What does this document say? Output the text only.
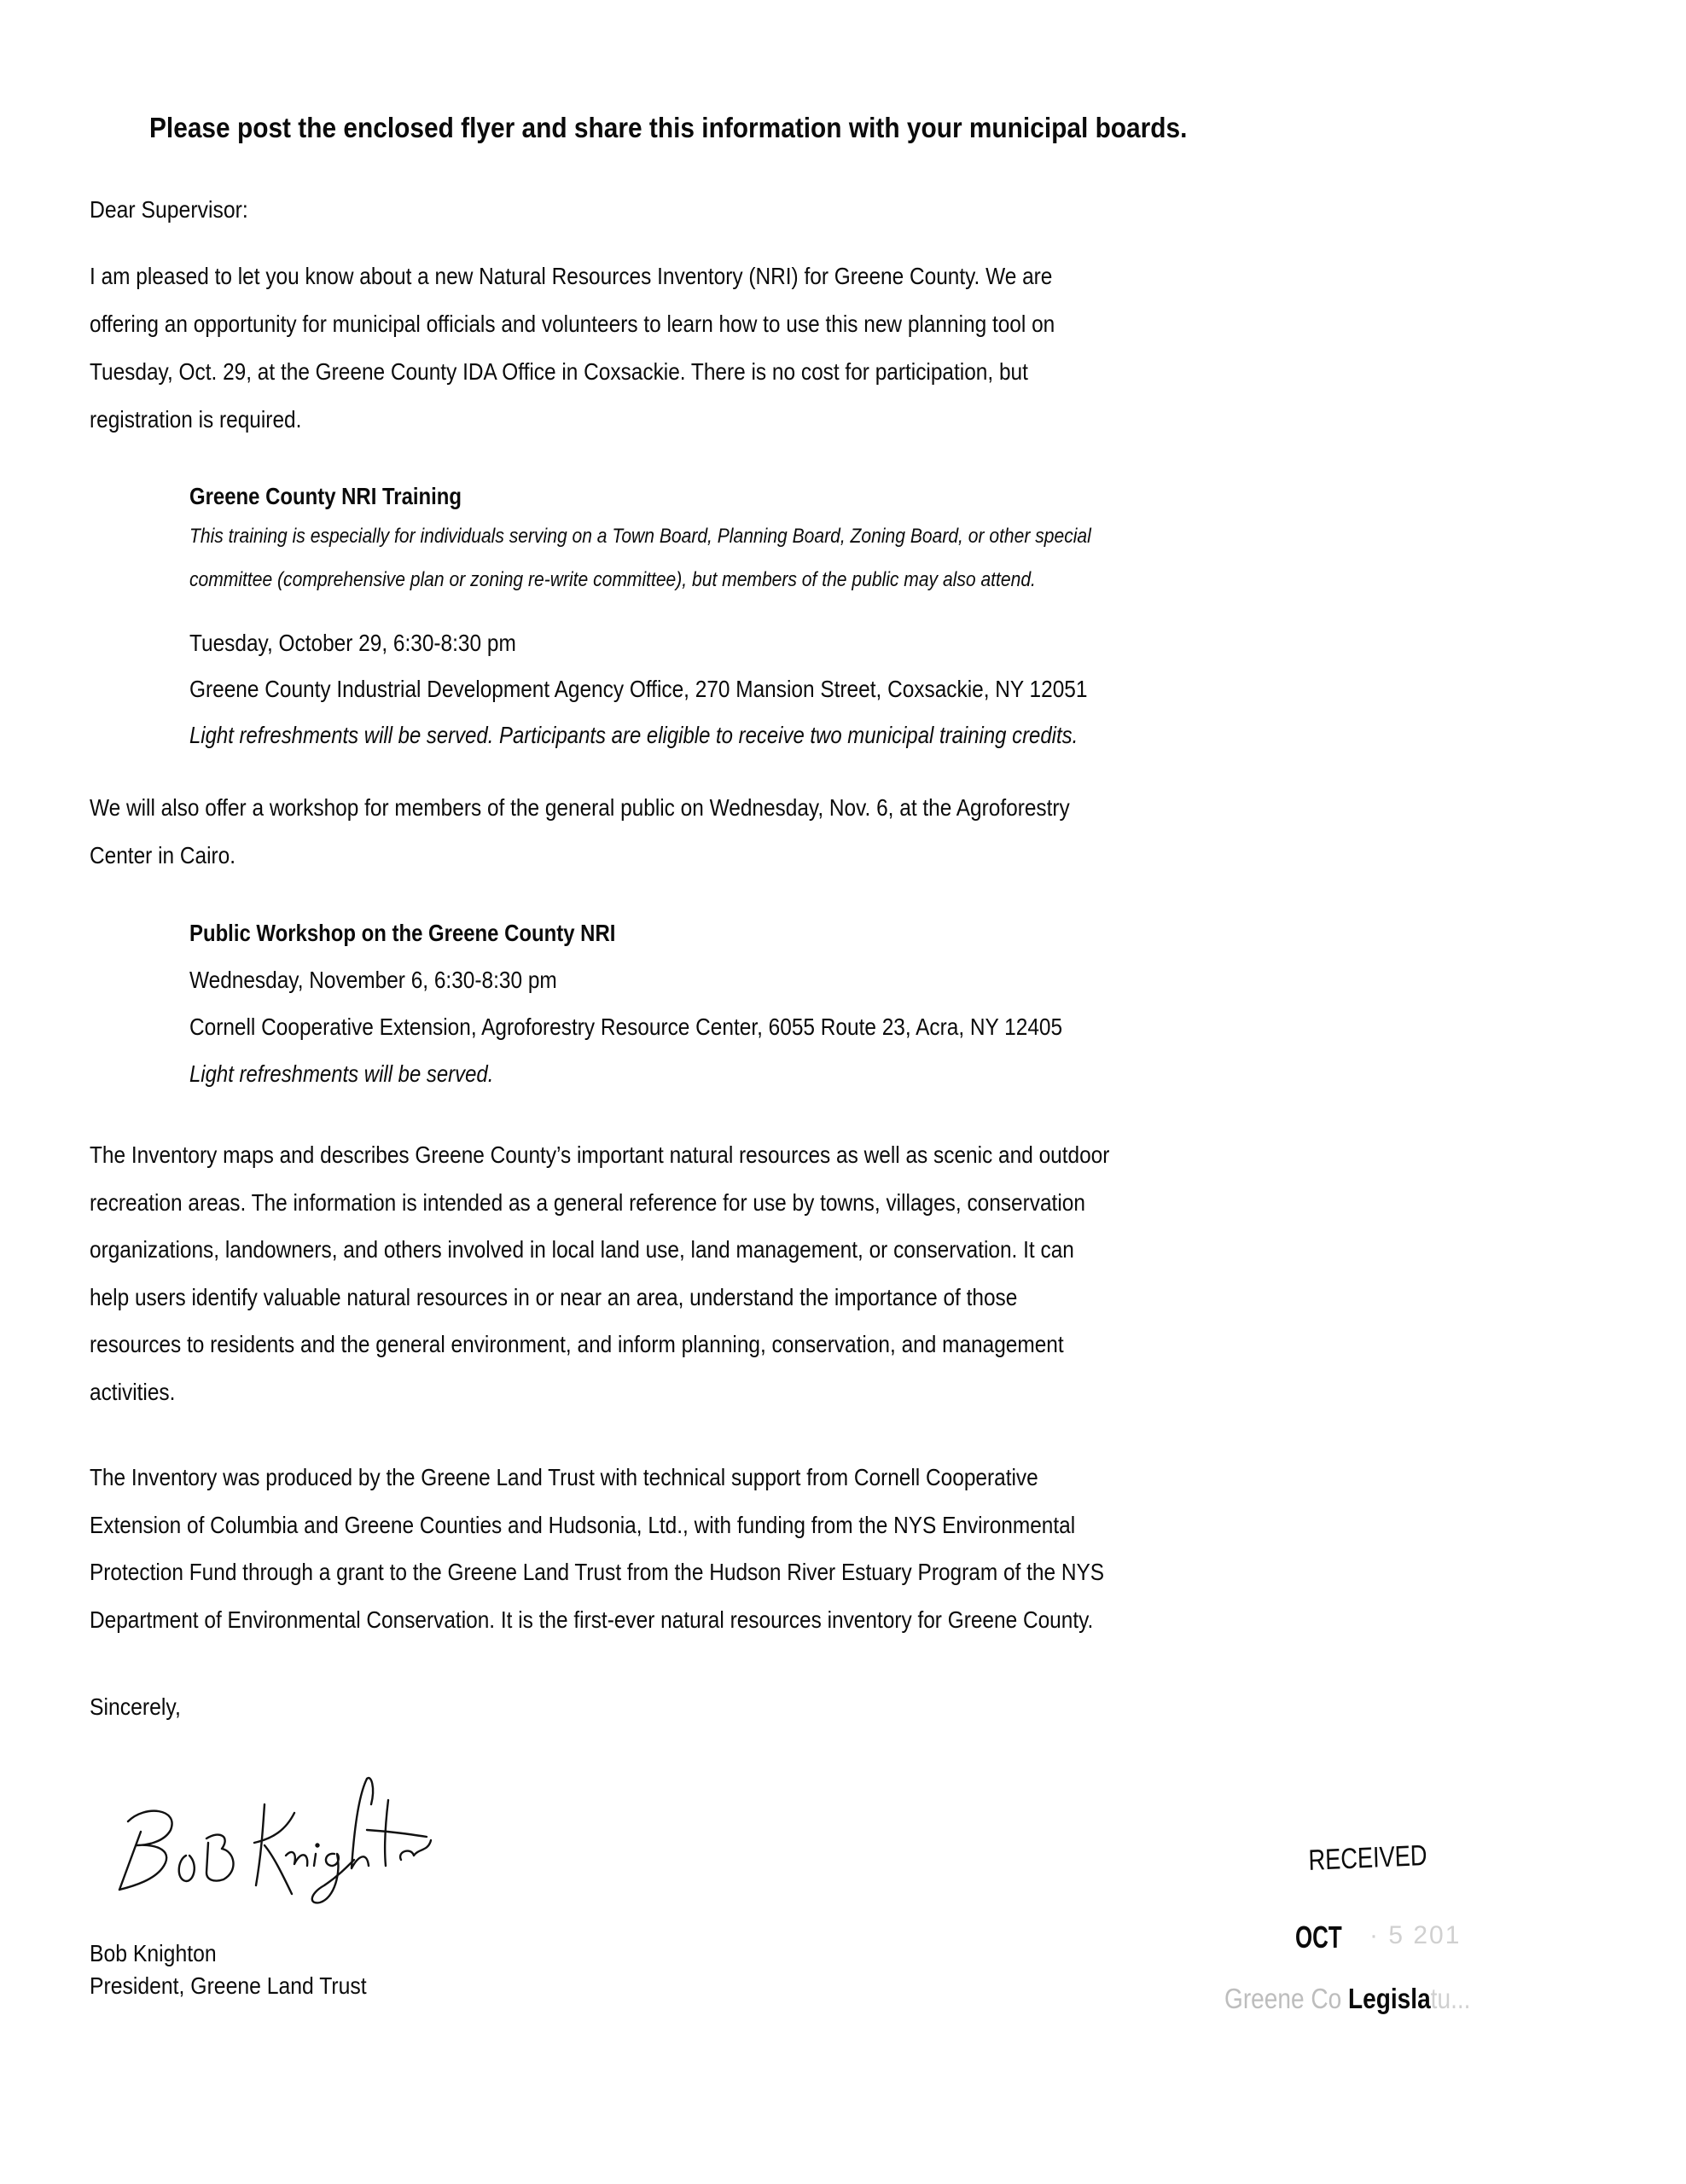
Please post the enclosed flyer and share this information with your municipal boards.
Dear Supervisor:
I am pleased to let you know about a new Natural Resources Inventory (NRI) for Greene County. We are
offering an opportunity for municipal officials and volunteers to learn how to use this new planning tool on
Tuesday, Oct. 29, at the Greene County IDA Office in Coxsackie. There is no cost for participation, but
registration is required.
Greene County NRI Training
This training is especially for individuals serving on a Town Board, Planning Board, Zoning Board, or other special
committee (comprehensive plan or zoning re-write committee), but members of the public may also attend.
Tuesday, October 29, 6:30-8:30 pm
Greene County Industrial Development Agency Office, 270 Mansion Street, Coxsackie, NY 12051
Light refreshments will be served. Participants are eligible to receive two municipal training credits.
We will also offer a workshop for members of the general public on Wednesday, Nov. 6, at the Agroforestry
Center in Cairo.
Public Workshop on the Greene County NRI
Wednesday, November 6, 6:30-8:30 pm
Cornell Cooperative Extension, Agroforestry Resource Center, 6055 Route 23, Acra, NY 12405
Light refreshments will be served.
The Inventory maps and describes Greene County’s important natural resources as well as scenic and outdoor
recreation areas. The information is intended as a general reference for use by towns, villages, conservation
organizations, landowners, and others involved in local land use, land management, or conservation. It can
help users identify valuable natural resources in or near an area, understand the importance of those
resources to residents and the general environment, and inform planning, conservation, and management
activities.
The Inventory was produced by the Greene Land Trust with technical support from Cornell Cooperative
Extension of Columbia and Greene Counties and Hudsonia, Ltd., with funding from the NYS Environmental
Protection Fund through a grant to the Greene Land Trust from the Hudson River Estuary Program of the NYS
Department of Environmental Conservation. It is the first-ever natural resources inventory for Greene County.
Sincerely,
Bob Knighton
President, Greene Land Trust
RECEIVED
OCT · 5 201
Greene Co Legislatu...
